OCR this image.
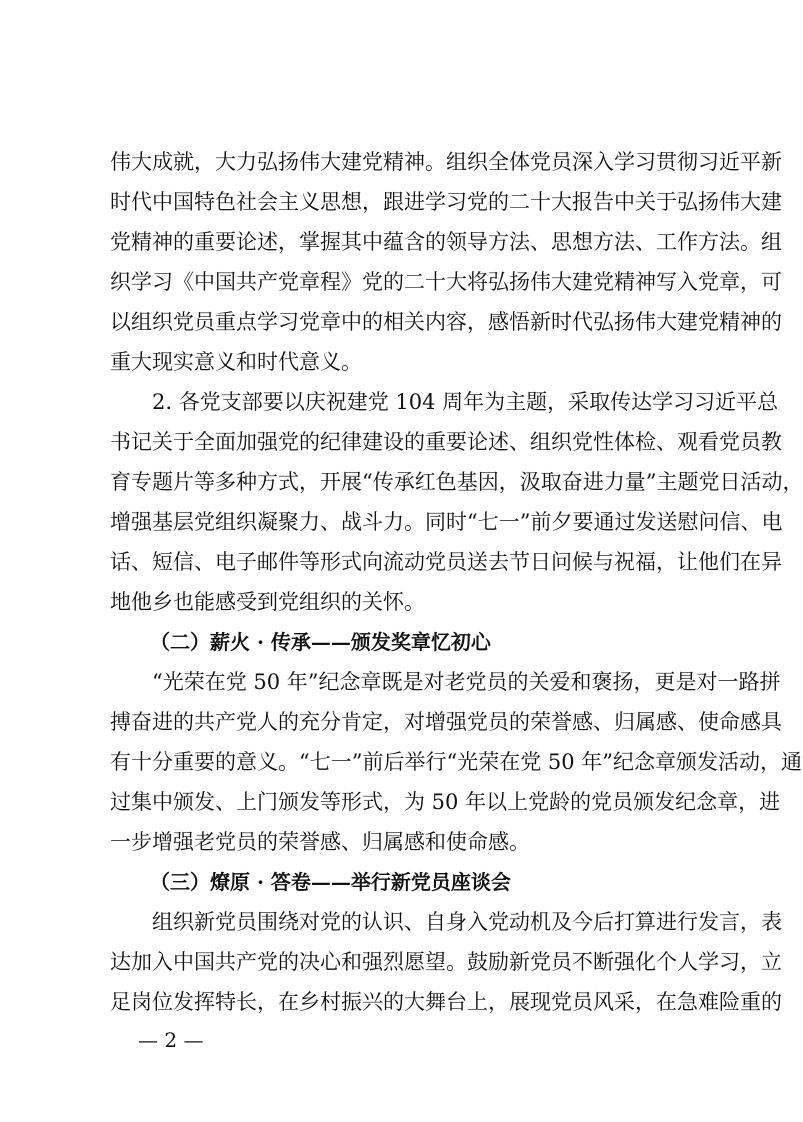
伟大成就，大力弘扬伟大建党精神。组织全体党员深入学习贯彻习近平新
时代中国特色社会主义思想，跟进学习党的二十大报告中关于弘扬伟大建
党精神的重要论述，掌握其中蕴含的领导方法、思想方法、工作方法。组
织学习《中国共产党章程》党的二十大将弘扬伟大建党精神写入党章，可
以组织党员重点学习党章中的相关内容，感悟新时代弘扬伟大建党精神的
重大现实意义和时代意义。
2. 各党支部要以庆祝建党 104 周年为主题，采取传达学习习近平总
书记关于全面加强党的纪律建设的重要论述、组织党性体检、观看党员教
育专题片等多种方式，开展“传承红色基因，汲取奋进力量”主题党日活动，
增强基层党组织凝聚力、战斗力。同时“七一”前夕要通过发送慰问信、电
话、短信、电子邮件等形式向流动党员送去节日问候与祝福，让他们在异
地他乡也能感受到党组织的关怀。
（二）薪火 · 传承——颁发奖章忆初心
“光荣在党 50 年”纪念章既是对老党员的关爱和褒扬，更是对一路拼
搏奋进的共产党人的充分肯定，对增强党员的荣誉感、归属感、使命感具
有十分重要的意义。“七一”前后举行“光荣在党 50 年”纪念章颁发活动，通
过集中颁发、上门颁发等形式，为 50 年以上党龄的党员颁发纪念章，进
一步增强老党员的荣誉感、归属感和使命感。
（三）燎原 · 答卷——举行新党员座谈会
组织新党员围绕对党的认识、自身入党动机及今后打算进行发言，表
达加入中国共产党的决心和强烈愿望。鼓励新党员不断强化个人学习，立
足岗位发挥特长，在乡村振兴的大舞台上，展现党员风采，在急难险重的
— 2 —
